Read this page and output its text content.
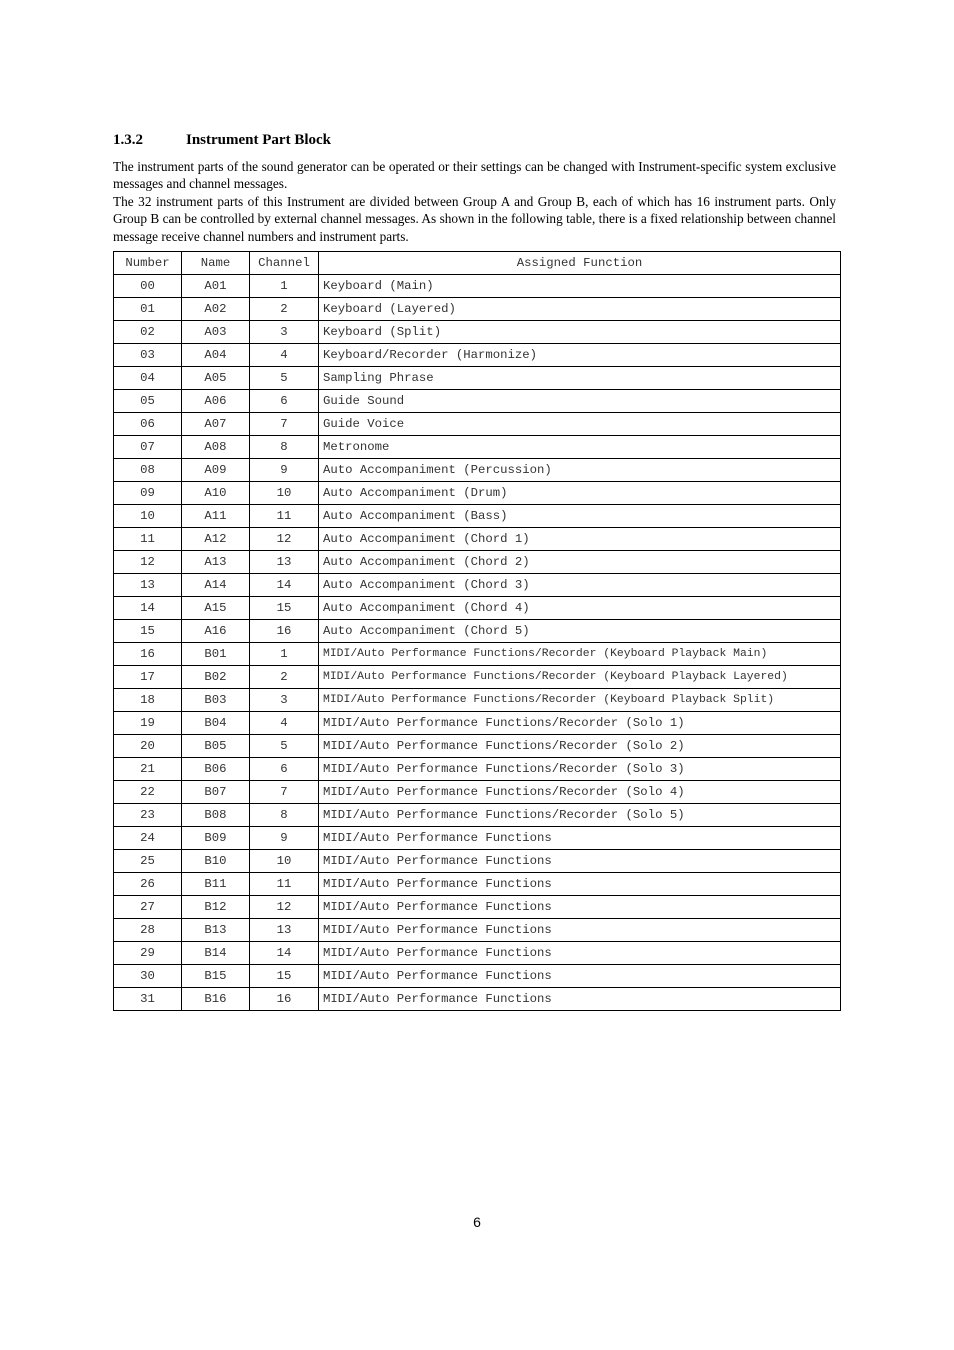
1.3.2	Instrument Part Block
The instrument parts of the sound generator can be operated or their settings can be changed with Instrument-specific system exclusive messages and channel messages.
The 32 instrument parts of this Instrument are divided between Group A and Group B, each of which has 16 instrument parts. Only Group B can be controlled by external channel messages. As shown in the following table, there is a fixed relationship between channel message receive channel numbers and instrument parts.
Number	Name	Channel	Assigned Function
00	A01	1	Keyboard (Main)
01	A02	2	Keyboard (Layered)
02	A03	3	Keyboard (Split)
03	A04	4	Keyboard/Recorder (Harmonize)
04	A05	5	Sampling Phrase
05	A06	6	Guide Sound
06	A07	7	Guide Voice
07	A08	8	Metronome
08	A09	9	Auto Accompaniment (Percussion)
09	A10	10	Auto Accompaniment (Drum)
10	A11	11	Auto Accompaniment (Bass)
11	A12	12	Auto Accompaniment (Chord 1)
12	A13	13	Auto Accompaniment (Chord 2)
13	A14	14	Auto Accompaniment (Chord 3)
14	A15	15	Auto Accompaniment (Chord 4)
15	A16	16	Auto Accompaniment (Chord 5)
16	B01	1	MIDI/Auto Performance Functions/Recorder (Keyboard Playback Main)
17	B02	2	MIDI/Auto Performance Functions/Recorder (Keyboard Playback Layered)
18	B03	3	MIDI/Auto Performance Functions/Recorder (Keyboard Playback Split)
19	B04	4	MIDI/Auto Performance Functions/Recorder (Solo 1)
20	B05	5	MIDI/Auto Performance Functions/Recorder (Solo 2)
21	B06	6	MIDI/Auto Performance Functions/Recorder (Solo 3)
22	B07	7	MIDI/Auto Performance Functions/Recorder (Solo 4)
23	B08	8	MIDI/Auto Performance Functions/Recorder (Solo 5)
24	B09	9	MIDI/Auto Performance Functions
25	B10	10	MIDI/Auto Performance Functions
26	B11	11	MIDI/Auto Performance Functions
27	B12	12	MIDI/Auto Performance Functions
28	B13	13	MIDI/Auto Performance Functions
29	B14	14	MIDI/Auto Performance Functions
30	B15	15	MIDI/Auto Performance Functions
31	B16	16	MIDI/Auto Performance Functions
6
